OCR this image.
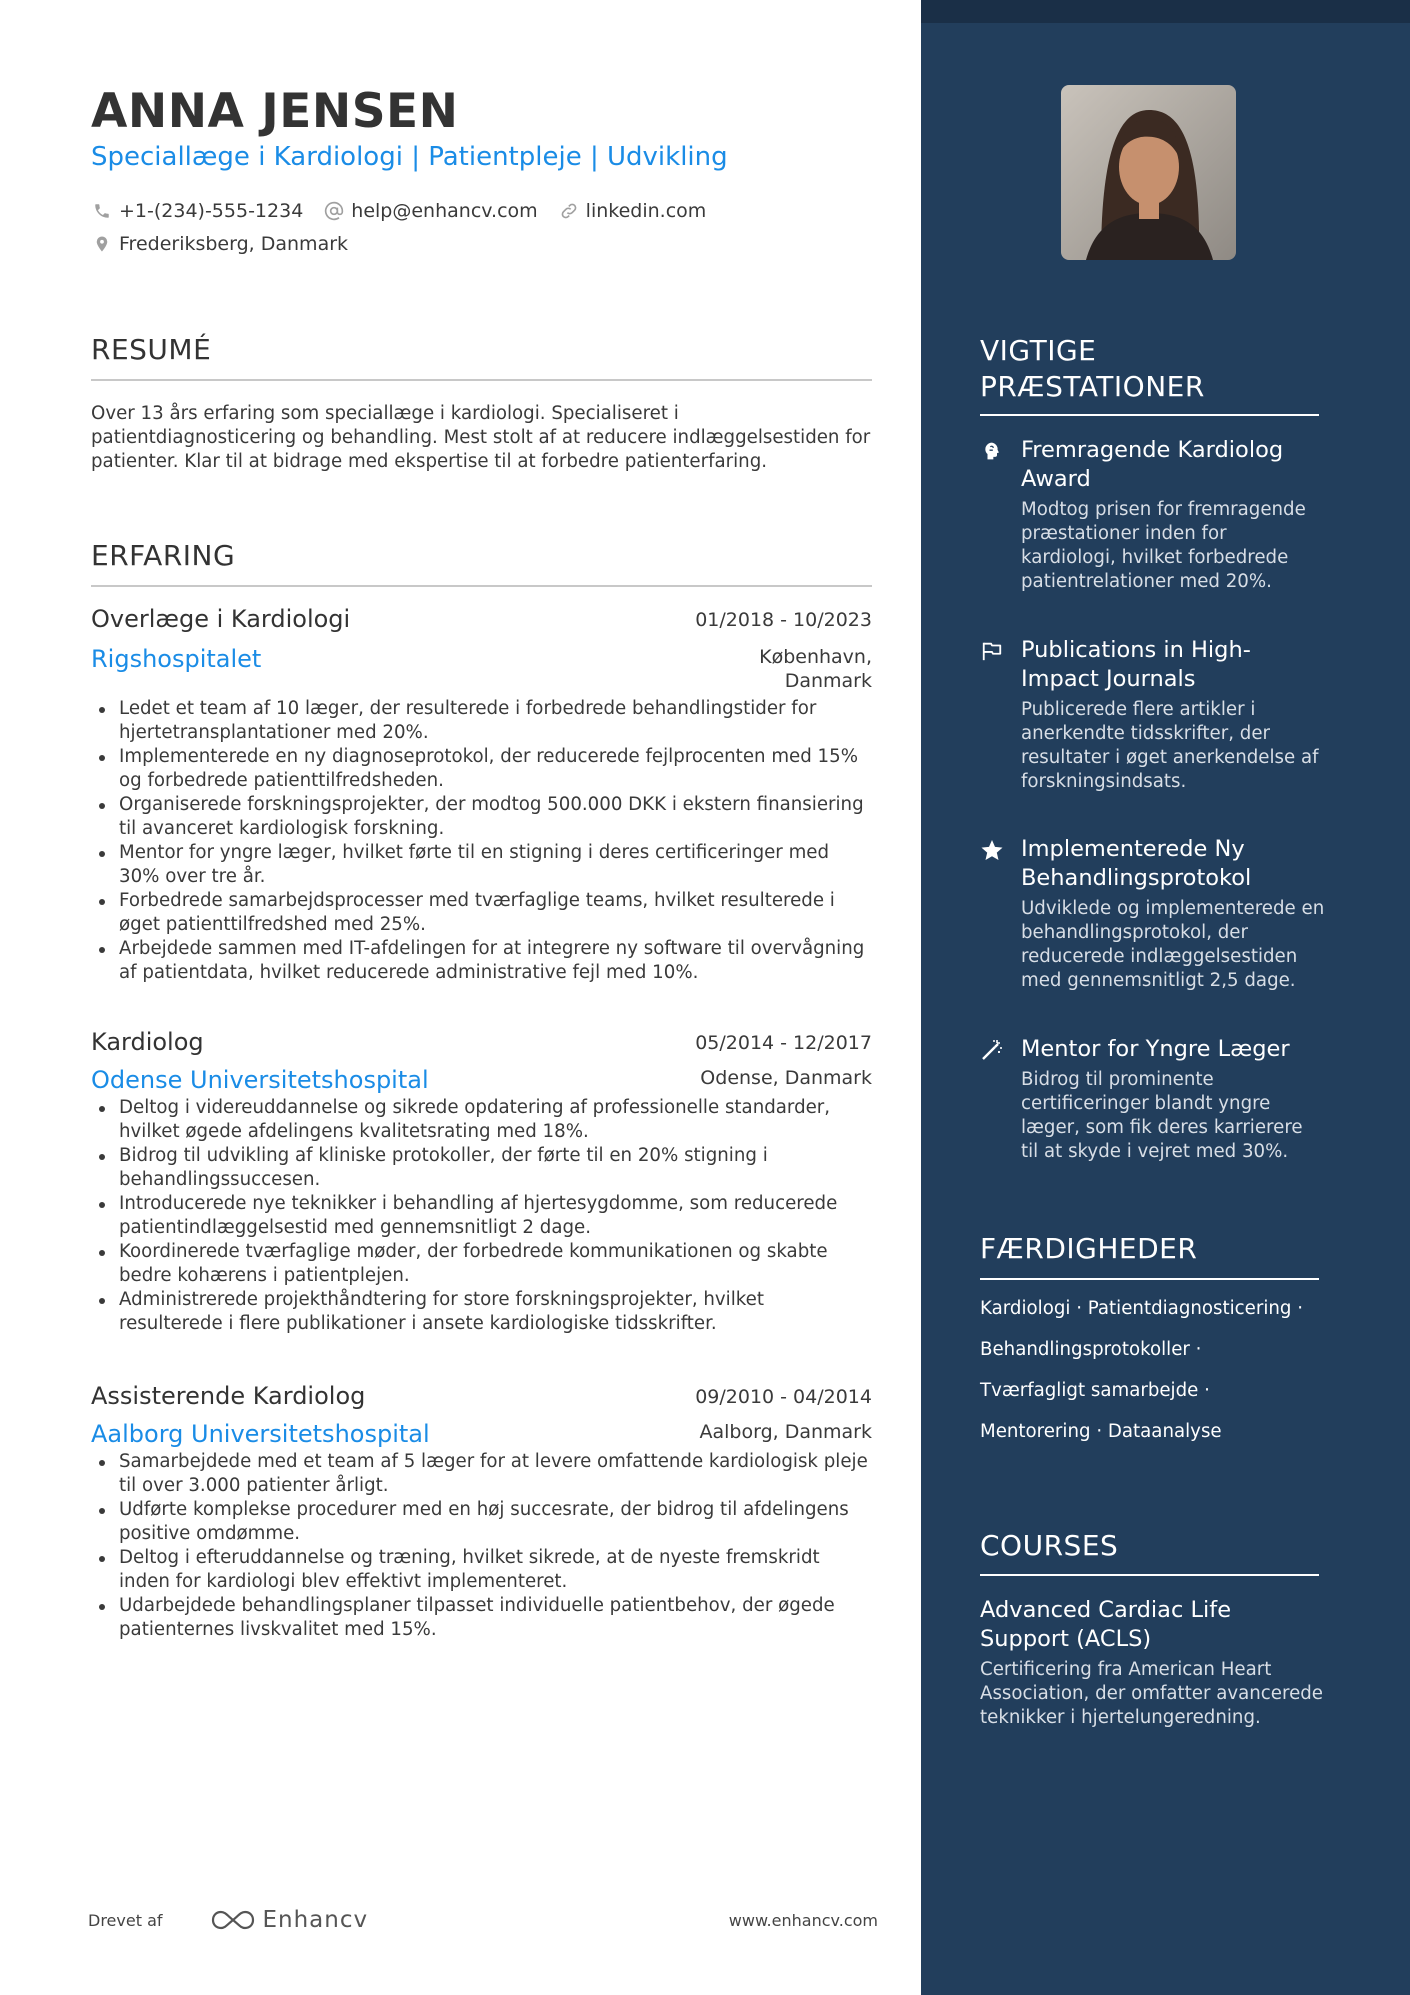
ANNA JENSEN
Speciallæge i Kardiologi | Patientpleje | Udvikling
+1-(234)-555-1234	help@enhancv.com	linkedin.com
Frederiksberg, Danmark
RESUMÉ
Over 13 års erfaring som speciallæge i kardiologi. Specialiseret i patientdiagnosticering og behandling. Mest stolt af at reducere indlæggelsestiden for patienter. Klar til at bidrage med ekspertise til at forbedre patienterfaring.
ERFARING
Overlæge i Kardiologi	01/2018 - 10/2023
Rigshospitalet	København,
Danmark
Ledet et team af 10 læger, der resulterede i forbedrede behandlingstider for hjertetransplantationer med 20%.
Implementerede en ny diagnoseprotokol, der reducerede fejlprocenten med 15% og forbedrede patienttilfredsheden.
Organiserede forskningsprojekter, der modtog 500.000 DKK i ekstern finansiering til avanceret kardiologisk forskning.
Mentor for yngre læger, hvilket førte til en stigning i deres certificeringer med 30% over tre år.
Forbedrede samarbejdsprocesser med tværfaglige teams, hvilket resulterede i øget patienttilfredshed med 25%.
Arbejdede sammen med IT-afdelingen for at integrere ny software til overvågning af patientdata, hvilket reducerede administrative fejl med 10%.
Kardiolog	05/2014 - 12/2017
Odense Universitetshospital	Odense, Danmark
Deltog i videreuddannelse og sikrede opdatering af professionelle standarder, hvilket øgede afdelingens kvalitetsrating med 18%.
Bidrog til udvikling af kliniske protokoller, der førte til en 20% stigning i behandlingssuccesen.
Introducerede nye teknikker i behandling af hjertesygdomme, som reducerede patientindlæggelsestid med gennemsnitligt 2 dage.
Koordinerede tværfaglige møder, der forbedrede kommunikationen og skabte bedre kohærens i patientplejen.
Administrerede projekthåndtering for store forskningsprojekter, hvilket resulterede i flere publikationer i ansete kardiologiske tidsskrifter.
Assisterende Kardiolog	09/2010 - 04/2014
Aalborg Universitetshospital	Aalborg, Danmark
Samarbejdede med et team af 5 læger for at levere omfattende kardiologisk pleje til over 3.000 patienter årligt.
Udførte komplekse procedurer med en høj succesrate, der bidrog til afdelingens positive omdømme.
Deltog i efteruddannelse og træning, hvilket sikrede, at de nyeste fremskridt inden for kardiologi blev effektivt implementeret.
Udarbejdede behandlingsplaner tilpasset individuelle patientbehov, der øgede patienternes livskvalitet med 15%.
Drevet af	Enhancv	www.enhancv.com
VIGTIGE
PRÆSTATIONER
Fremragende Kardiolog Award
Modtog prisen for fremragende præstationer inden for kardiologi, hvilket forbedrede patientrelationer med 20%.
Publications in High-Impact Journals
Publicerede flere artikler i anerkendte tidsskrifter, der resultater i øget anerkendelse af forskningsindsats.
Implementerede Ny Behandlingsprotokol
Udviklede og implementerede en behandlingsprotokol, der reducerede indlæggelsestiden med gennemsnitligt 2,5 dage.
Mentor for Yngre Læger
Bidrog til prominente certificeringer blandt yngre læger, som fik deres karrierere til at skyde i vejret med 30%.
FÆRDIGHEDER
Kardiologi · Patientdiagnosticering ·
Behandlingsprotokoller ·
Tværfagligt samarbejde ·
Mentorering · Dataanalyse
COURSES
Advanced Cardiac Life Support (ACLS)
Certificering fra American Heart Association, der omfatter avancerede teknikker i hjertelungeredning.
